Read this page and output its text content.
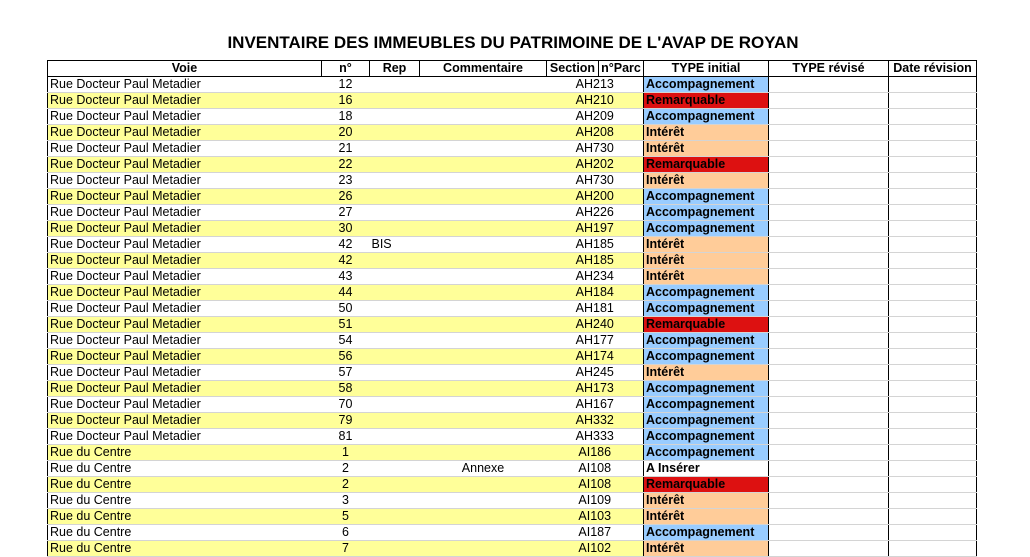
INVENTAIRE DES IMMEUBLES DU PATRIMOINE DE L'AVAP DE ROYAN
Voie	n°	Rep	Commentaire	Section	n°Parc	TYPE initial	TYPE révisé	Date révision
Rue Docteur Paul Metadier	12			AH213		Accompagnement		
Rue Docteur Paul Metadier	16			AH210		Remarquable		
Rue Docteur Paul Metadier	18			AH209		Accompagnement		
Rue Docteur Paul Metadier	20			AH208		Intérêt		
Rue Docteur Paul Metadier	21			AH730		Intérêt		
Rue Docteur Paul Metadier	22			AH202		Remarquable		
Rue Docteur Paul Metadier	23			AH730		Intérêt		
Rue Docteur Paul Metadier	26			AH200		Accompagnement		
Rue Docteur Paul Metadier	27			AH226		Accompagnement		
Rue Docteur Paul Metadier	30			AH197		Accompagnement		
Rue Docteur Paul Metadier	42	BIS		AH185		Intérêt		
Rue Docteur Paul Metadier	42			AH185		Intérêt		
Rue Docteur Paul Metadier	43			AH234		Intérêt		
Rue Docteur Paul Metadier	44			AH184		Accompagnement		
Rue Docteur Paul Metadier	50			AH181		Accompagnement		
Rue Docteur Paul Metadier	51			AH240		Remarquable		
Rue Docteur Paul Metadier	54			AH177		Accompagnement		
Rue Docteur Paul Metadier	56			AH174		Accompagnement		
Rue Docteur Paul Metadier	57			AH245		Intérêt		
Rue Docteur Paul Metadier	58			AH173		Accompagnement		
Rue Docteur Paul Metadier	70			AH167		Accompagnement		
Rue Docteur Paul Metadier	79			AH332		Accompagnement		
Rue Docteur Paul Metadier	81			AH333		Accompagnement		
Rue du Centre	1			AI186		Accompagnement		
Rue du Centre	2		Annexe	AI108		A Insérer		
Rue du Centre	2			AI108		Remarquable		
Rue du Centre	3			AI109		Intérêt		
Rue du Centre	5			AI103		Intérêt		
Rue du Centre	6			AI187		Accompagnement		
Rue du Centre	7			AI102		Intérêt		
